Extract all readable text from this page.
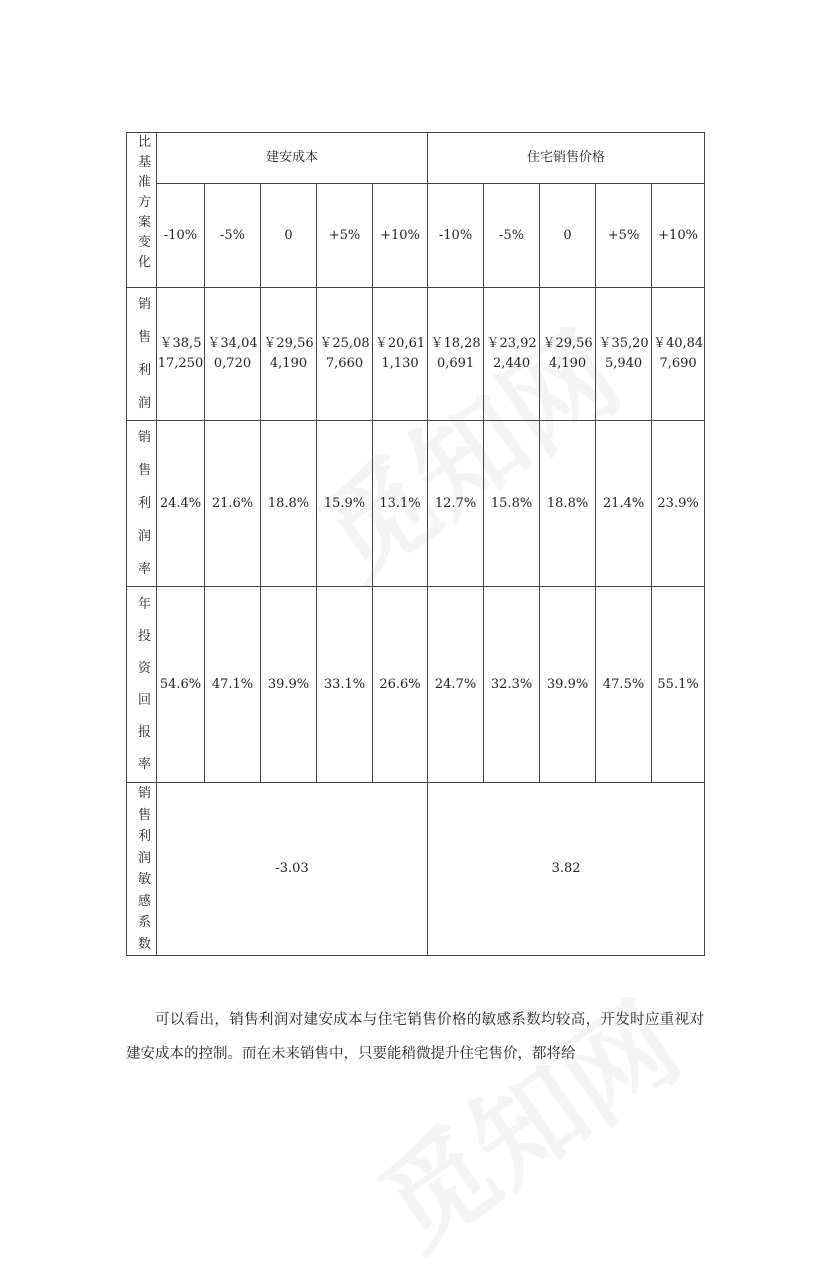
比基准方案变化	建安成本					住宅销售价格				
	-10%	-5%	0	+5%	+10%	-10%	-5%	0	+5%	+10%
销售利润	￥38,517,250	￥34,040,720	￥29,564,190	￥25,087,660	￥20,611,130	￥18,280,691	￥23,922,440	￥29,564,190	￥35,205,940	￥40,847,690
销售利润率	24.4%	21.6%	18.8%	15.9%	13.1%	12.7%	15.8%	18.8%	21.4%	23.9%
年投资回报率	54.6%	47.1%	39.9%	33.1%	26.6%	24.7%	32.3%	39.9%	47.5%	55.1%
销售利润敏感系数	-3.03					3.82				

可以看出，销售利润对建安成本与住宅销售价格的敏感系数均较高，开发时应重视对建安成本的控制。而在未来销售中，只要能稍微提升住宅售价，都将给
